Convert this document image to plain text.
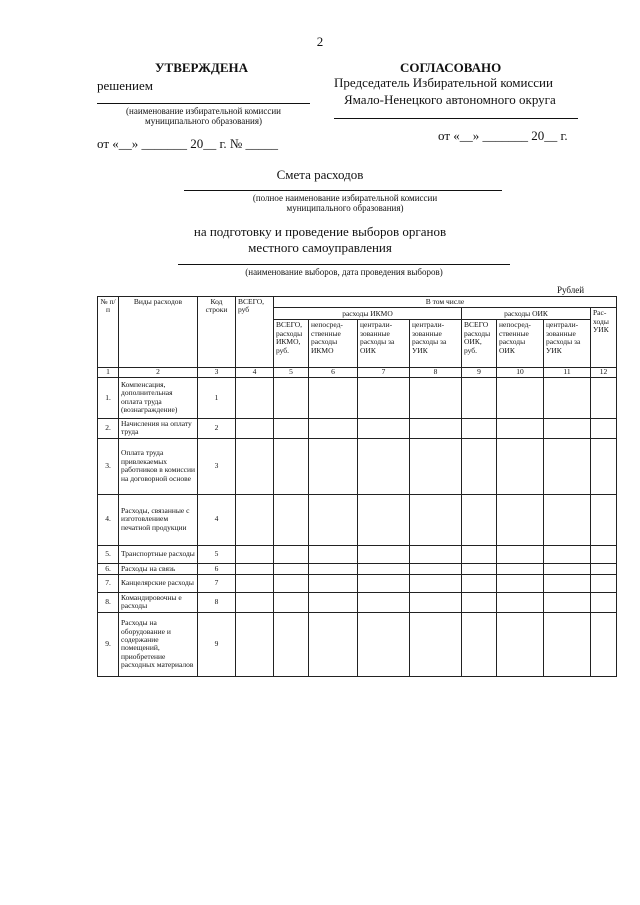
2
УТВЕРЖДЕНА
решением
(наименование избирательной комиссии муниципального образования)
от «__» _______ 20__ г. № _____
СОГЛАСОВАНО
Председатель Избирательной комиссии
Ямало-Ненецкого автономного округа
от «__» _______ 20__ г.
Смета расходов
(полное наименование избирательной комиссии муниципального образования)
на подготовку и проведение выборов органов
местного самоуправления
(наименование выборов, дата проведения выборов)
Рублей
№ п/п	Виды расходов	Код строки	ВСЕГО, руб	В том числе							
				расходы ИКМО				расходы ОИК			Рас-ходы УИК
				ВСЕГО, расходы ИКМО, руб.	непосред-ственные расходы ИКМО	централи-зованные расходы за ОИК	централи-зованные расходы за УИК	ВСЕГО расходы ОИК, руб.	непосред-ственные расходы ОИК	централи-зованные расходы за УИК	
1	2	3	4	5	6	7	8	9	10	11	12
1.	Компенсация, дополнительная оплата труда (вознаграждение)	1									
2.	Начисления на оплату труда	2									
3.	Оплата труда привлекаемых работников в комиссии на договорной основе	3									
4.	Расходы, связанные с изготовлением печатной продукции	4									
5.	Транспортные расходы	5									
6.	Расходы на связь	6									
7.	Канцелярские расходы	7									
8.	Командировочны е расходы	8									
9.	Расходы на оборудование и содержание помещений, приобретение расходных материалов	9									
